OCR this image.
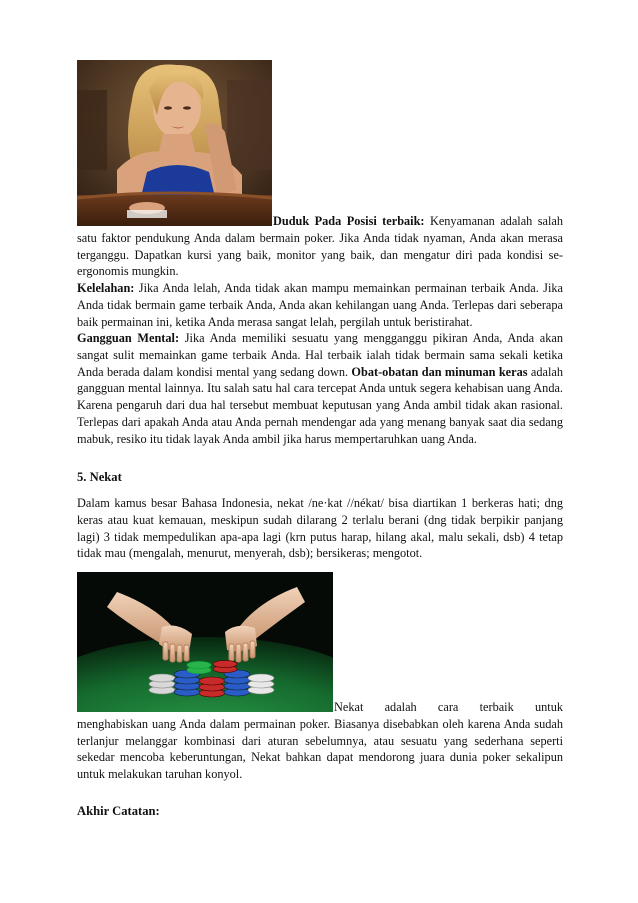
Duduk Pada Posisi terbaik: Kenyamanan adalah salah satu faktor pendukung Anda dalam bermain poker. Jika Anda tidak nyaman, Anda akan merasa terganggu. Dapatkan kursi yang baik, monitor yang baik, dan mengatur diri pada kondisi se-ergonomis mungkin.
Kelelahan: Jika Anda lelah, Anda tidak akan mampu memainkan permainan terbaik Anda. Jika Anda tidak bermain game terbaik Anda, Anda akan kehilangan uang Anda. Terlepas dari seberapa baik permainan ini, ketika Anda merasa sangat lelah, pergilah untuk beristirahat.
Gangguan Mental: Jika Anda memiliki sesuatu yang mengganggu pikiran Anda, Anda akan sangat sulit memainkan game terbaik Anda. Hal terbaik ialah tidak bermain sama sekali ketika Anda berada dalam kondisi mental yang sedang down. Obat-obatan dan minuman keras adalah gangguan mental lainnya. Itu salah satu hal cara tercepat Anda untuk segera kehabisan uang Anda. Karena pengaruh dari dua hal tersebut membuat keputusan yang Anda ambil tidak akan rasional. Terlepas dari apakah Anda atau Anda pernah mendengar ada yang menang banyak saat dia sedang mabuk, resiko itu tidak layak Anda ambil jika harus mempertaruhkan uang Anda.
5. Nekat
Dalam kamus besar Bahasa Indonesia, nekat /ne·kat //nékat/ bisa diartikan 1 berkeras hati; dng keras atau kuat kemauan, meskipun sudah dilarang 2 terlalu berani (dng tidak berpikir panjang lagi) 3 tidak mempedulikan apa-apa lagi (krn putus harap, hilang akal, malu sekali, dsb) 4 tetap tidak mau (mengalah, menurut, menyerah, dsb); bersikeras; mengotot.
Nekat adalah cara terbaik untuk menghabiskan uang Anda dalam permainan poker. Biasanya disebabkan oleh karena Anda sudah terlanjur melanggar kombinasi dari aturan sebelumnya, atau sesuatu yang sederhana seperti sekedar mencoba keberuntungan, Nekat bahkan dapat mendorong juara dunia poker sekalipun untuk melakukan taruhan konyol.
Akhir Catatan:
